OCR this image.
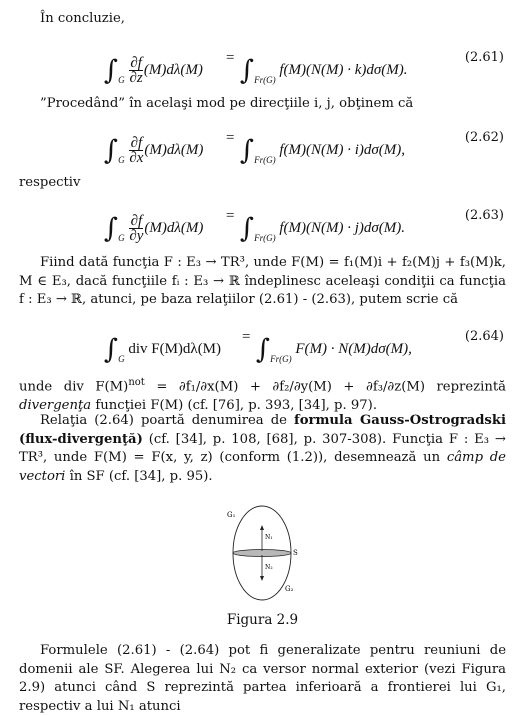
În concluzie,

$\int_G \frac{\partial f}{\partial z} (M)d\lambda(M)$
= $\int_{Fr(G)}$ f(M)(N(M) · k)dσ(M).
(2.61)

”Procedând” în acelaşi mod pe direcţiile i, j, obţinem că

$\int_G \frac{\partial f}{\partial x} (M)d\lambda(M)$
= $\int_{Fr(G)}$ f(M)(N(M) · i)dσ(M),
(2.62)

respectiv

$\int_G \frac{\partial f}{\partial y} (M)d\lambda(M)$
= $\int_{Fr(G)}$ f(M)(N(M) · j)dσ(M).
(2.63)

Fiind dată funcţia F : E₃ → TR³, unde F(M) = f₁(M)i + f₂(M)j + f₃(M)k, M ∈ E₃, dacă funcţiile fᵢ : E₃ → ℝ îndeplinesc aceleaşi condiţii ca funcţia f : E₃ → ℝ, atunci, pe baza relaţiilor (2.61) - (2.63), putem scrie că

$\int_G$ div F(M)dλ(M)
= $\int_{Fr(G)}$ F(M) · N(M)dσ(M),
(2.64)

unde div $F(M)^{not} = \partial f_1/\partial x(M) + \partial f_2/\partial y(M) + \partial f_3/\partial z(M)$ reprezintă divergenţa funcţiei F(M) (cf. [76], p. 393, [34], p. 97).

Relaţia (2.64) poartă denumirea de formula Gauss-Ostrogradski (flux-divergenţă) (cf. [34], p. 108, [68], p. 307-308). Funcţia F : E₃ → TR³, unde F(M) = F(x, y, z) (conform (1.2)), desemnează un câmp de vectori în SF (cf. [34], p. 95).

G₁
G₂
N₁
N₂
S
Figura 2.9

Formulele (2.61) - (2.64) pot fi generalizate pentru reuniuni de domenii ale SF. Alegerea lui N₂ ca versor normal exterior (vezi Figura 2.9) atunci când S reprezintă partea inferioară a frontierei lui G₁, respectiv a lui N₁ atunci
